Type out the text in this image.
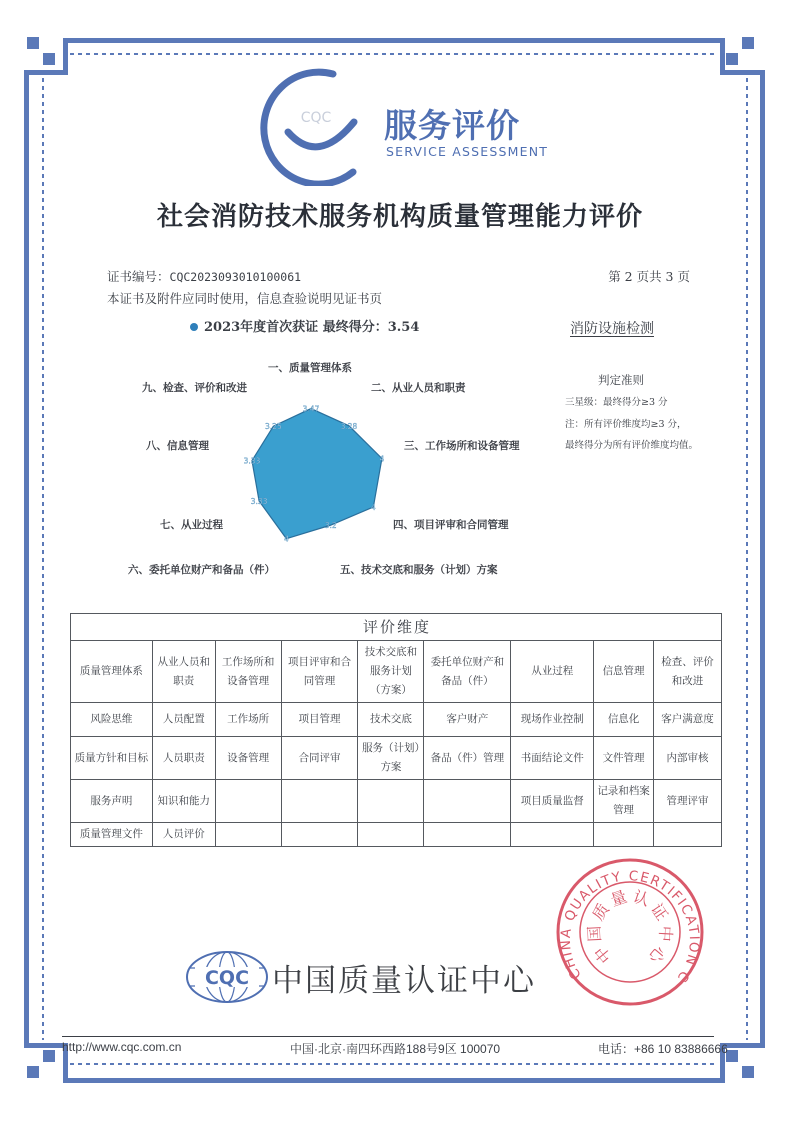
CQC 服务评价
SERVICE ASSESSMENT
社会消防技术服务机构质量管理能力评价
证书编号：CQC2023093010100061	第 2 页共 3 页
本证书及附件应同时使用，信息查验说明见证书页
2023年度首次获证 最终得分：3.54	消防设施检测
3.47
3.28
4
4
3.2
4
3.33
3.33
3.25
一、质量管理体系
二、从业人员和职责
三、工作场所和设备管理
四、项目评审和合同管理
五、技术交底和服务（计划）方案
六、委托单位财产和备品（件）
七、从业过程
八、信息管理
九、检查、评价和改进
判定准则
三星级：最终得分≥3 分
注：所有评价维度均≥3 分，
最终得分为所有评价维度均值。
评价维度								
质量管理体系	从业人员和职责	工作场所和设备管理	项目评审和合同管理	技术交底和服务计划（方案）	委托单位财产和备品（件）	从业过程	信息管理	检查、评价和改进
风险思维	人员配置	工作场所	项目管理	技术交底	客户财产	现场作业控制	信息化	客户满意度
质量方针和目标	人员职责	设备管理	合同评审	服务（计划）方案	备品（件）管理	书面结论文件	文件管理	内部审核
服务声明	知识和能力					项目质量监督	记录和档案管理	管理评审
质量管理文件	人员评价							
CQC 中国质量认证中心	CHINA QUALITY CERTIFICATION C
中
国
质
量 认
证
中
心
http://www.cqc.com.cn	中国·北京·南四环西路188号9区 100070	电话：+86 10 83886666
